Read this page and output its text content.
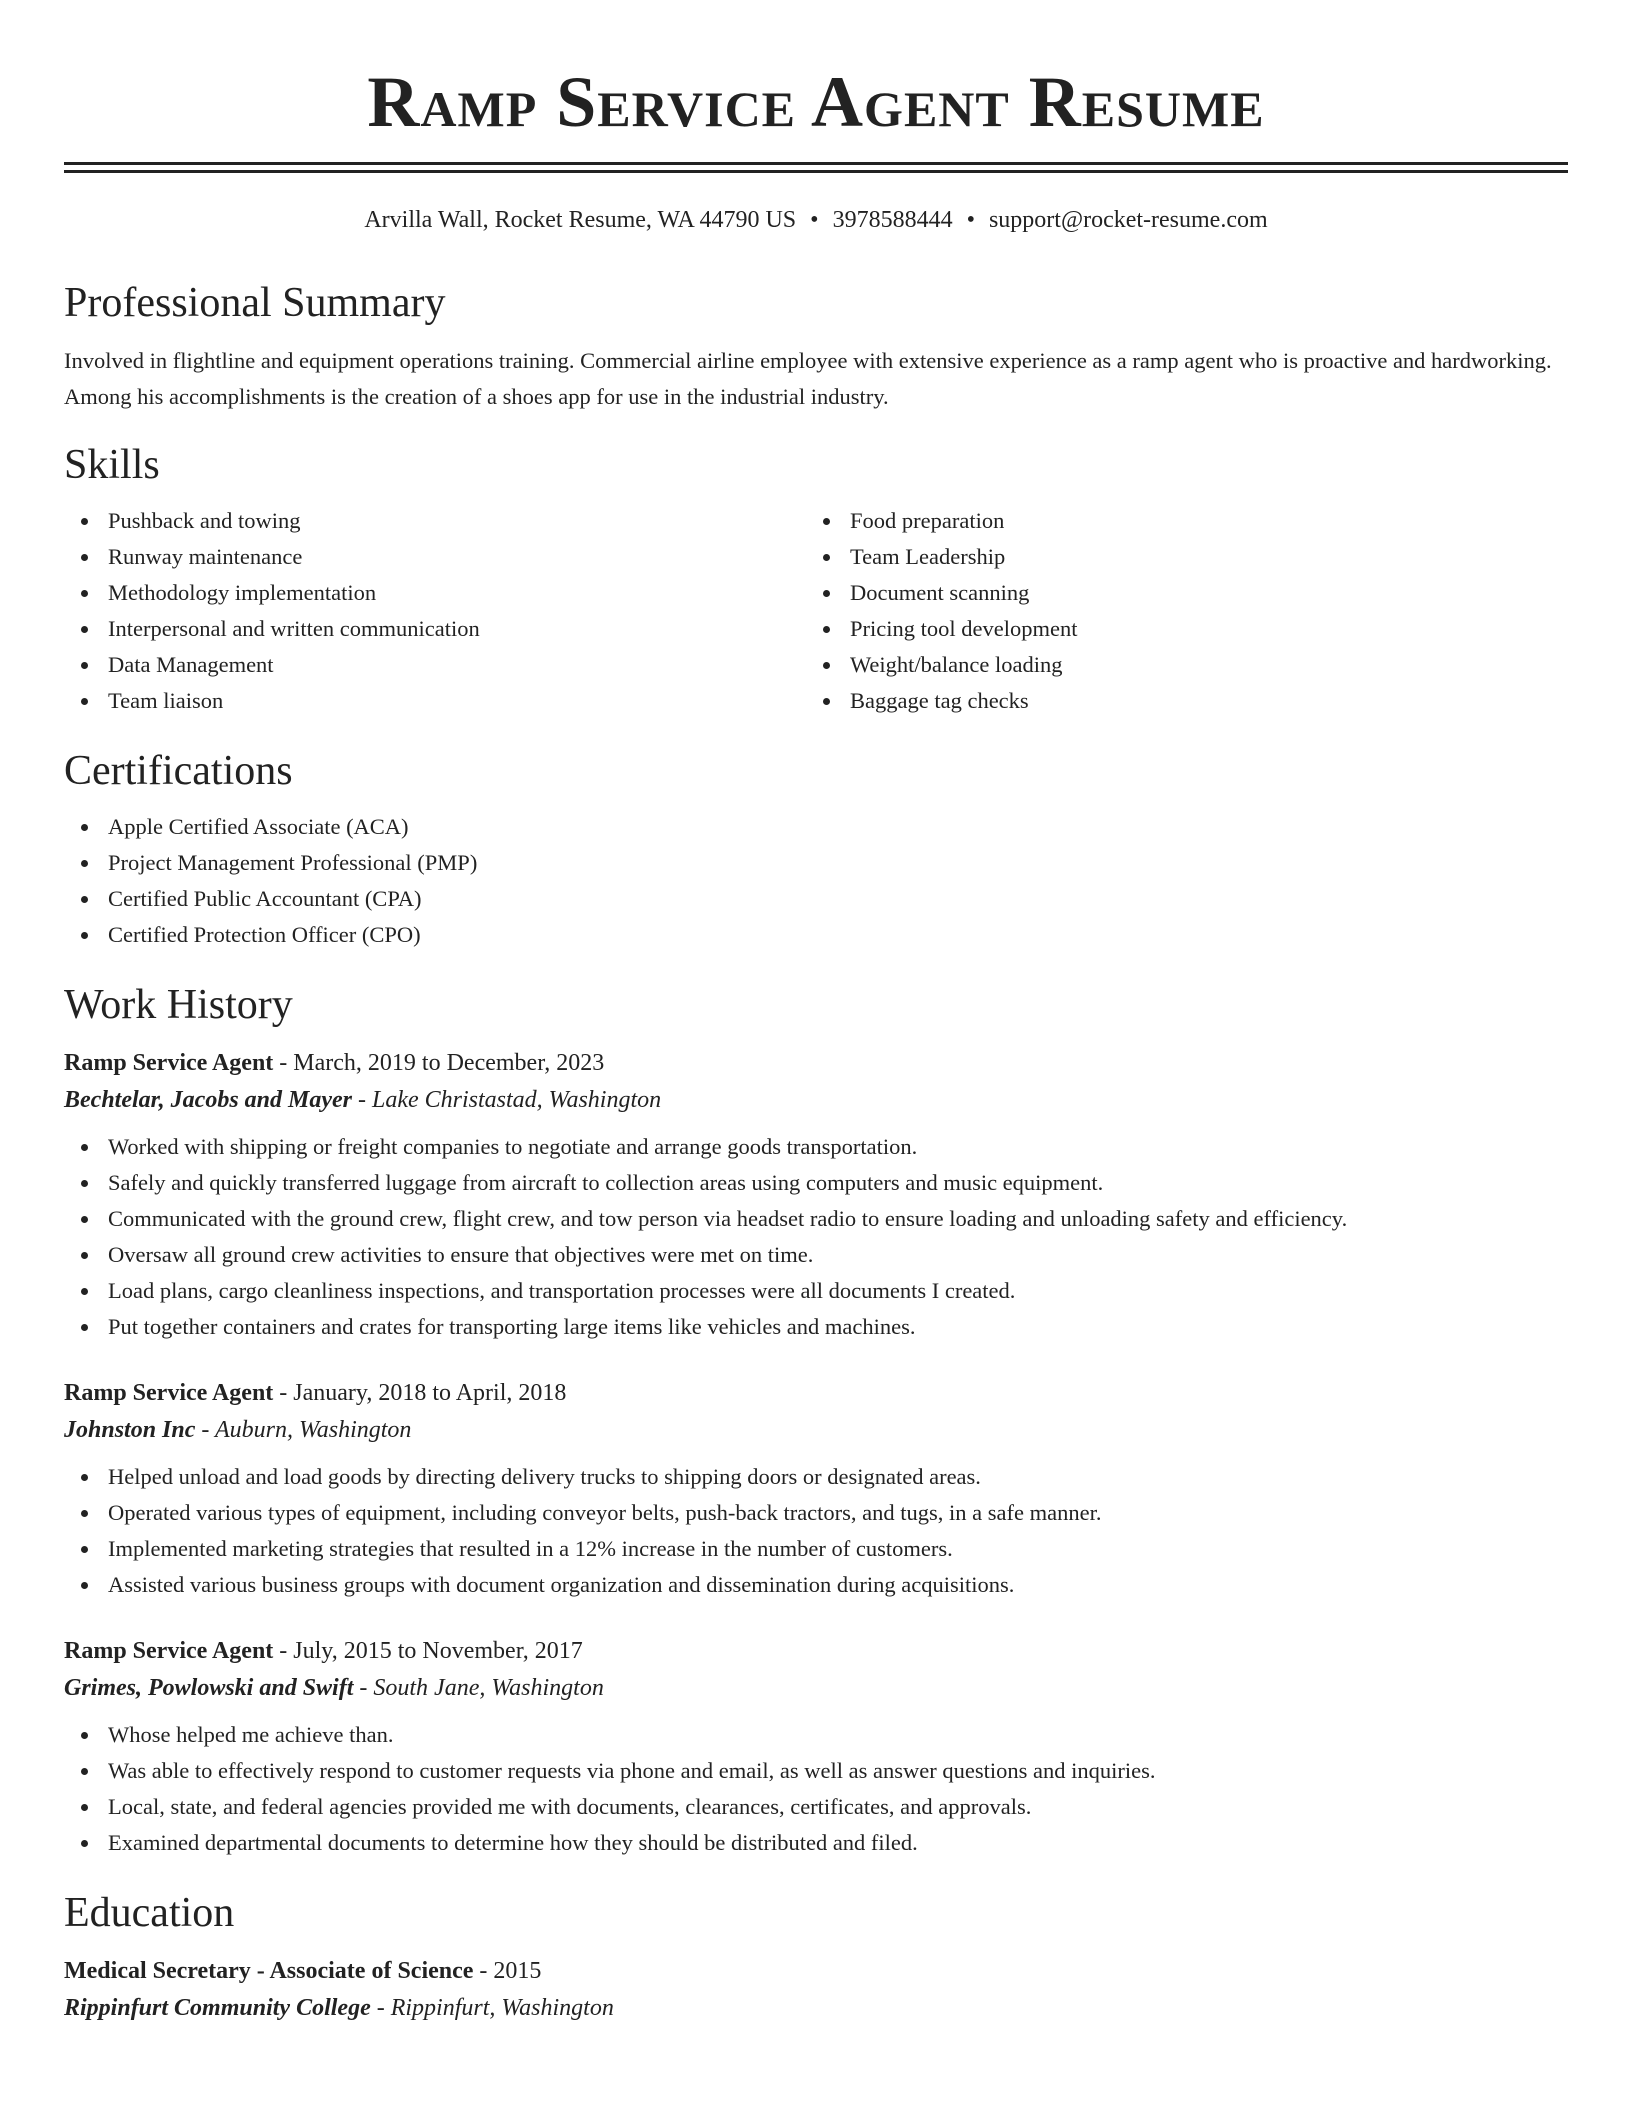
Ramp Service Agent Resume
Arvilla Wall, Rocket Resume, WA 44790 US • 3978588444 • support@rocket-resume.com
Professional Summary

Involved in flightline and equipment operations training. Commercial airline employee with extensive experience as a ramp agent who is proactive and hardworking. Among his accomplishments is the creation of a shoes app for use in the industrial industry.

Skills
Pushback and towing
Runway maintenance
Methodology implementation
Interpersonal and written communication
Data Management
Team liaison
Food preparation
Team Leadership
Document scanning
Pricing tool development
Weight/balance loading
Baggage tag checks
Certifications
Apple Certified Associate (ACA)
Project Management Professional (PMP)
Certified Public Accountant (CPA)
Certified Protection Officer (CPO)
Work History
Ramp Service Agent - March, 2019 to December, 2023
Bechtelar, Jacobs and Mayer - Lake Christastad, Washington
Worked with shipping or freight companies to negotiate and arrange goods transportation.
Safely and quickly transferred luggage from aircraft to collection areas using computers and music equipment.
Communicated with the ground crew, flight crew, and tow person via headset radio to ensure loading and unloading safety and efficiency.
Oversaw all ground crew activities to ensure that objectives were met on time.
Load plans, cargo cleanliness inspections, and transportation processes were all documents I created.
Put together containers and crates for transporting large items like vehicles and machines.
Ramp Service Agent - January, 2018 to April, 2018
Johnston Inc - Auburn, Washington
Helped unload and load goods by directing delivery trucks to shipping doors or designated areas.
Operated various types of equipment, including conveyor belts, push-back tractors, and tugs, in a safe manner.
Implemented marketing strategies that resulted in a 12% increase in the number of customers.
Assisted various business groups with document organization and dissemination during acquisitions.
Ramp Service Agent - July, 2015 to November, 2017
Grimes, Powlowski and Swift - South Jane, Washington
Whose helped me achieve than.
Was able to effectively respond to customer requests via phone and email, as well as answer questions and inquiries.
Local, state, and federal agencies provided me with documents, clearances, certificates, and approvals.
Examined departmental documents to determine how they should be distributed and filed.
Education
Medical Secretary - Associate of Science - 2015
Rippinfurt Community College - Rippinfurt, Washington
